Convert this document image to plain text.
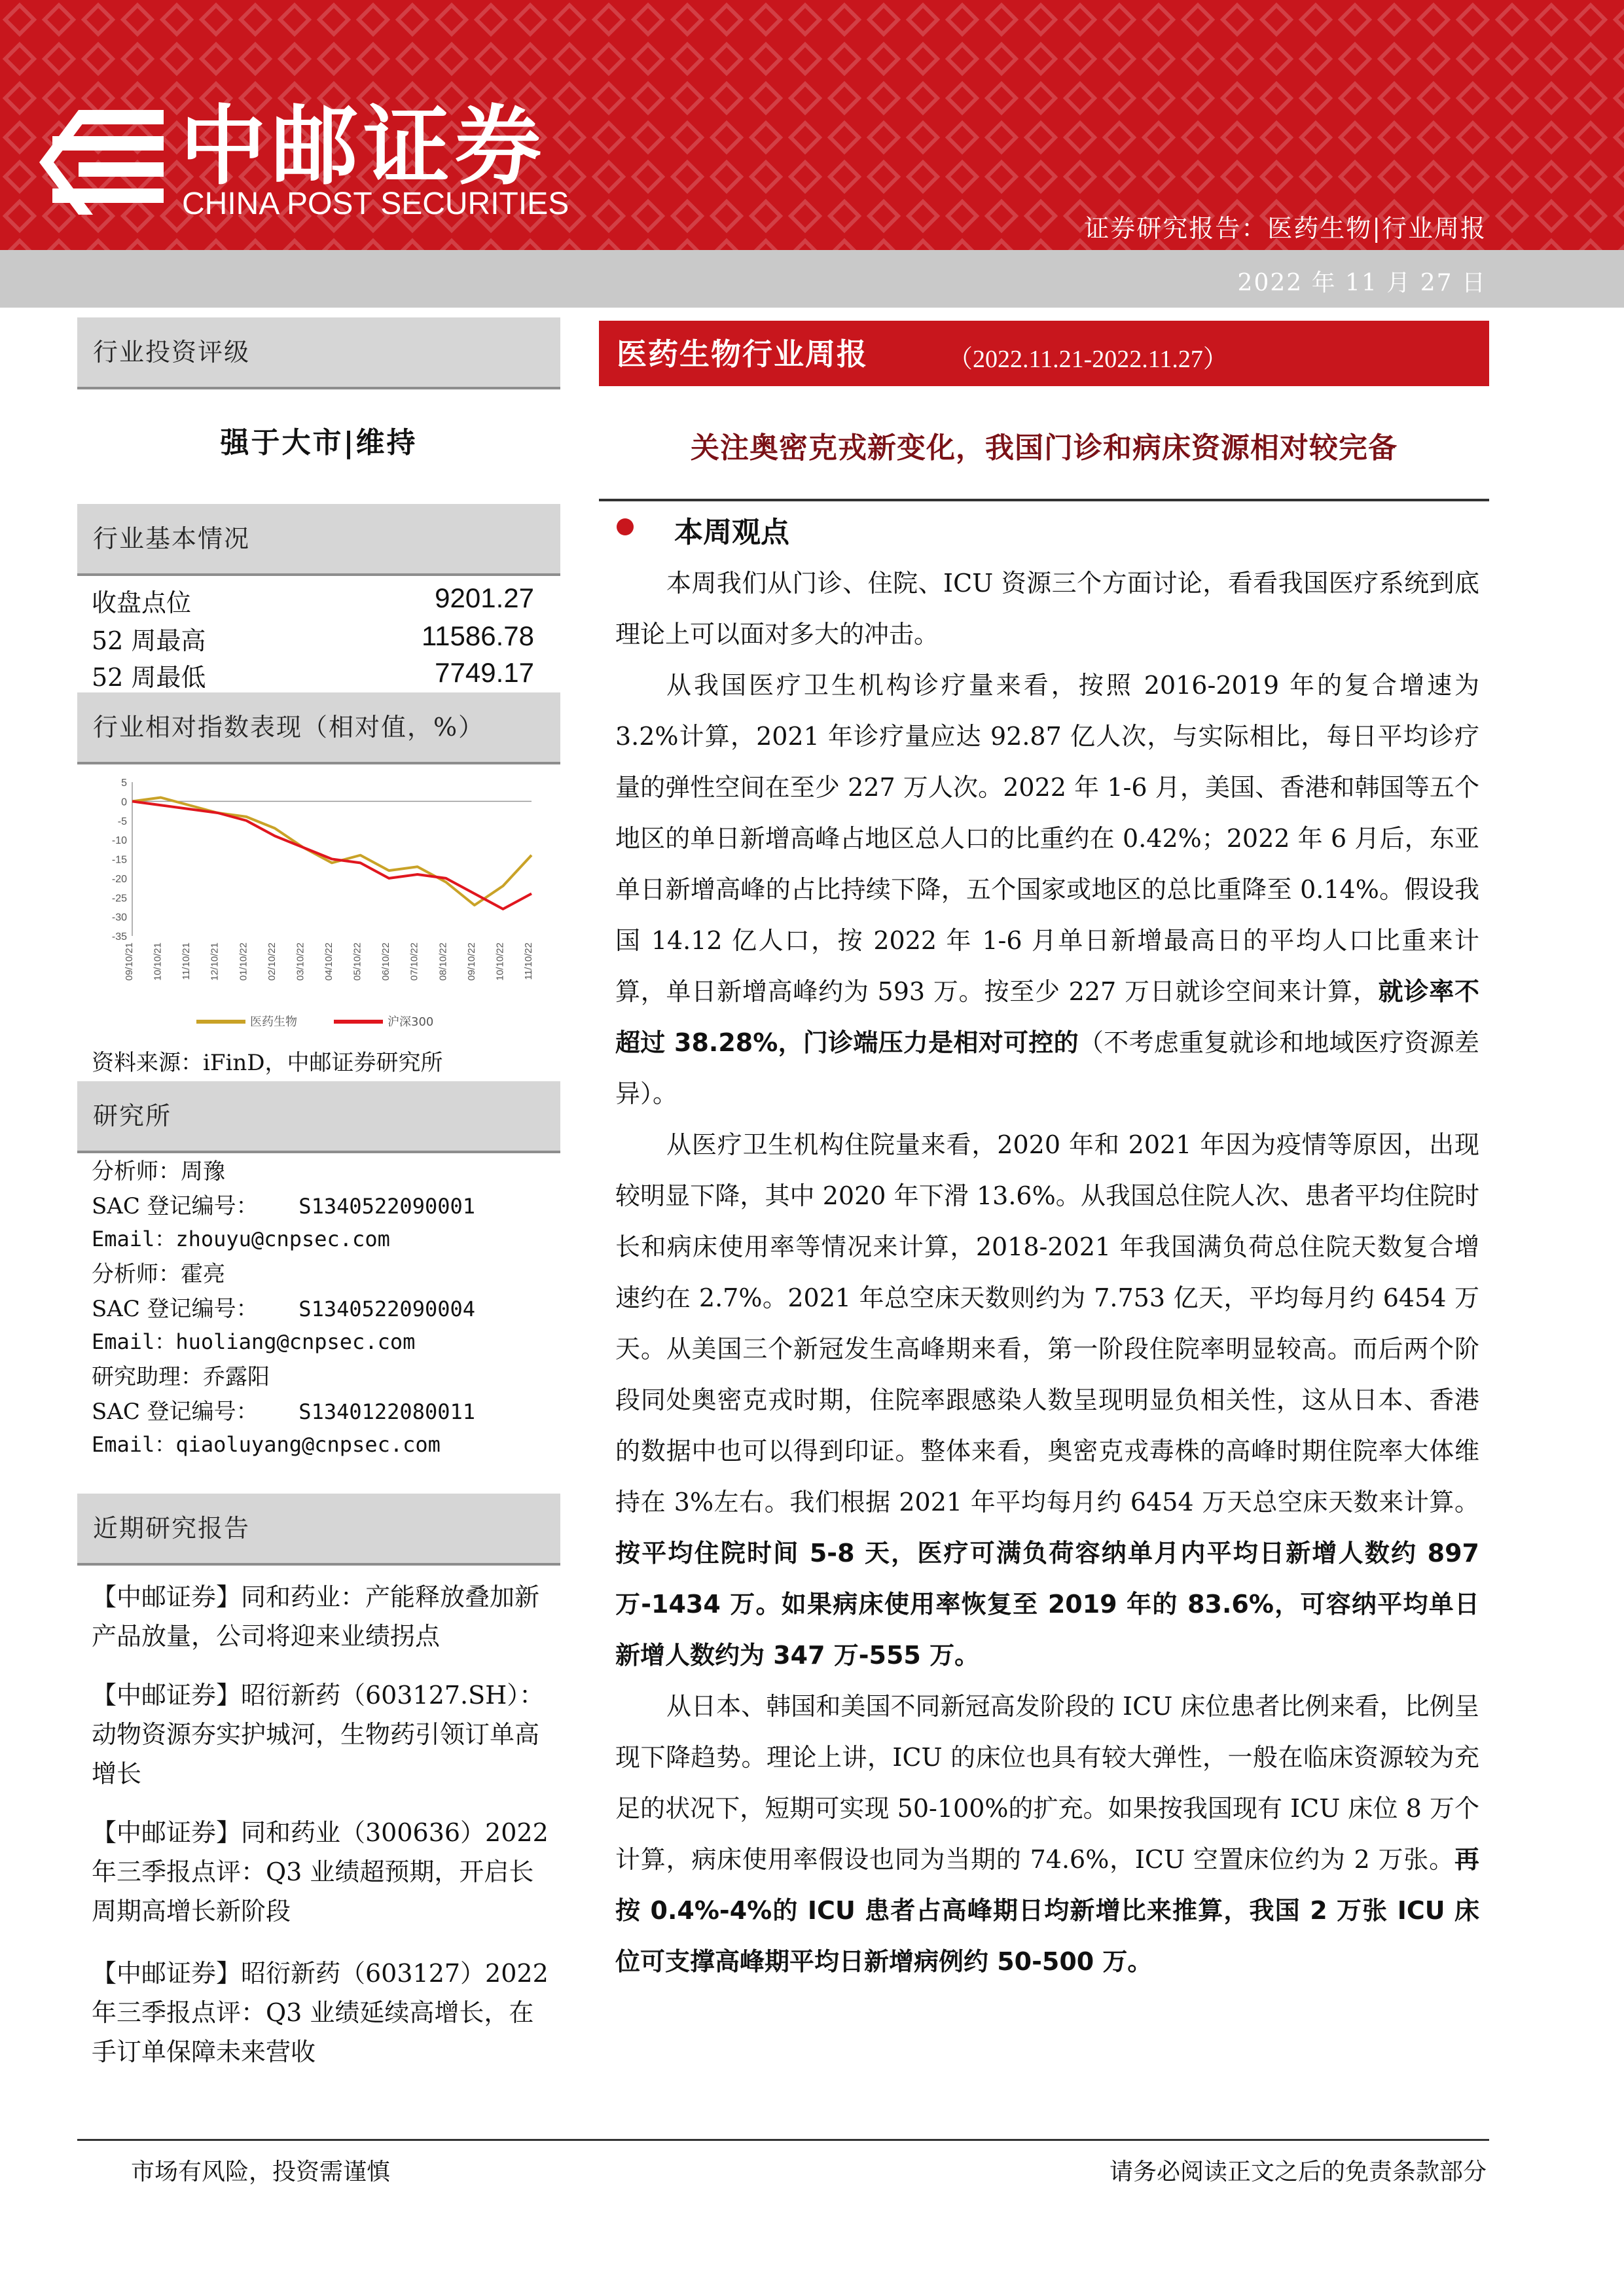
中邮证券
CHINA POST SECURITIES
证券研究报告：医药生物|行业周报
2022 年 11 月 27 日
行业投资评级
强于大市|维持
行业基本情况
收盘点位	9201.27
52 周最高	11586.78
52 周最低	7749.17
行业相对指数表现（相对值，%）
5
0
-5
-10
-15
-20
-25
-30
-35
09/10/21 10/10/21 11/10/21 12/10/21 01/10/22 02/10/22 03/10/22 04/10/22 05/10/22 06/10/22 07/10/22 08/10/22 09/10/22 10/10/22 11/10/22
医药生物	沪深300
资料来源：iFinD，中邮证券研究所
研究所
分析师：周豫
SAC 登记编号： S1340522090001
Email：zhouyu@cnpsec.com
分析师：霍亮
SAC 登记编号： S1340522090004
Email：huoliang@cnpsec.com
研究助理：乔露阳
SAC 登记编号： S1340122080011
Email：qiaoluyang@cnpsec.com
近期研究报告
【中邮证券】同和药业：产能释放叠加新产品放量，公司将迎来业绩拐点
【中邮证券】昭衍新药（603127.SH）：动物资源夯实护城河，生物药引领订单高增长
【中邮证券】同和药业（300636）2022 年三季报点评：Q3 业绩超预期，开启长周期高增长新阶段
【中邮证券】昭衍新药（603127）2022 年三季报点评：Q3 业绩延续高增长，在手订单保障未来营收
医药生物行业周报	（2022.11.21-2022.11.27）
关注奥密克戎新变化，我国门诊和病床资源相对较完备
本周观点

本周我们从门诊、住院、ICU 资源三个方面讨论，看看我国医疗系统到底理论上可以面对多大的冲击。

从我国医疗卫生机构诊疗量来看，按照 2016-2019 年的复合增速为 3.2%计算，2021 年诊疗量应达 92.87 亿人次，与实际相比，每日平均诊疗量的弹性空间在至少 227 万人次。2022 年 1-6 月，美国、香港和韩国等五个地区的单日新增高峰占地区总人口的比重约在 0.42%；2022 年 6 月后，东亚单日新增高峰的占比持续下降，五个国家或地区的总比重降至 0.14%。假设我国 14.12 亿人口，按 2022 年 1-6 月单日新增最高日的平均人口比重来计算，单日新增高峰约为 593 万。按至少 227 万日就诊空间来计算，就诊率不超过 38.28%，门诊端压力是相对可控的（不考虑重复就诊和地域医疗资源差异）。

从医疗卫生机构住院量来看，2020 年和 2021 年因为疫情等原因，出现较明显下降，其中 2020 年下滑 13.6%。从我国总住院人次、患者平均住院时长和病床使用率等情况来计算，2018-2021 年我国满负荷总住院天数复合增速约在 2.7%。2021 年总空床天数则约为 7.753 亿天，平均每月约 6454 万天。从美国三个新冠发生高峰期来看，第一阶段住院率明显较高。而后两个阶段同处奥密克戎时期，住院率跟感染人数呈现明显负相关性，这从日本、香港的数据中也可以得到印证。整体来看，奥密克戎毒株的高峰时期住院率大体维持在 3%左右。我们根据 2021 年平均每月约 6454 万天总空床天数来计算。按平均住院时间 5-8 天，医疗可满负荷容纳单月内平均日新增人数约 897 万-1434 万。如果病床使用率恢复至 2019 年的 83.6%，可容纳平均单日新增人数约为 347 万-555 万。

从日本、韩国和美国不同新冠高发阶段的 ICU 床位患者比例来看，比例呈现下降趋势。理论上讲，ICU 的床位也具有较大弹性，一般在临床资源较为充足的状况下，短期可实现 50-100%的扩充。如果按我国现有 ICU 床位 8 万个计算，病床使用率假设也同为当期的 74.6%，ICU 空置床位约为 2 万张。再按 0.4%-4%的 ICU 患者占高峰期日均新增比来推算，我国 2 万张 ICU 床位可支撑高峰期平均日新增病例约 50-500 万。

市场有风险，投资需谨慎	请务必阅读正文之后的免责条款部分
